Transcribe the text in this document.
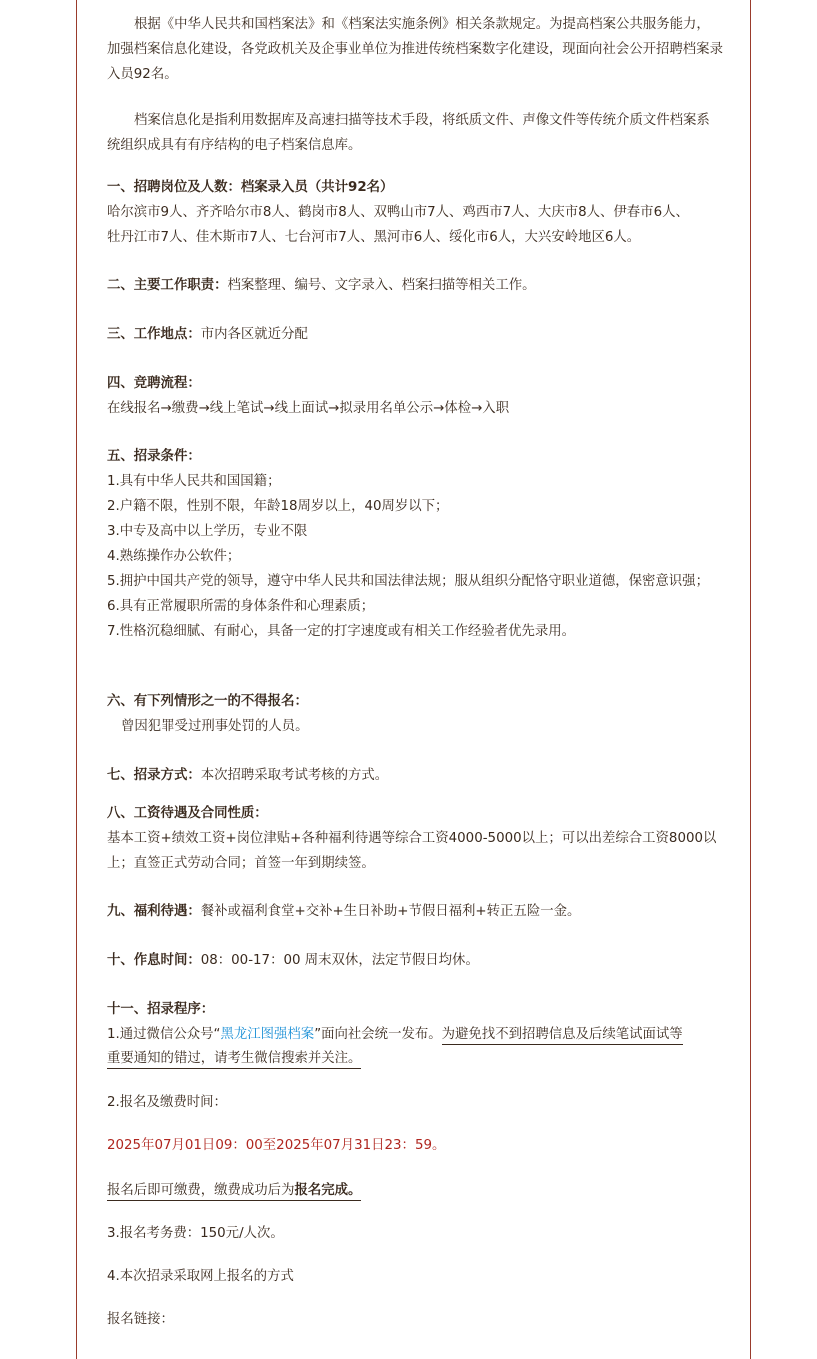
根据《中华人民共和国档案法》和《档案法实施条例》相关条款规定。为提高档案公共服务能力，加强档案信息化建设，各党政机关及企事业单位为推进传统档案数字化建设，现面向社会公开招聘档案录入员92名。

档案信息化是指利用数据库及高速扫描等技术手段，将纸质文件、声像文件等传统介质文件档案系统组织成具有有序结构的电子档案信息库。

一、招聘岗位及人数：档案录入员（共计92名）

哈尔滨市9人、齐齐哈尔市8人、鹤岗市8人、双鸭山市7人、鸡西市7人、大庆市8人、伊春市6人、

牡丹江市7人、佳木斯市7人、七台河市7人、黑河市6人、绥化市6人，大兴安岭地区6人。

二、主要工作职责：档案整理、编号、文字录入、档案扫描等相关工作。

三、工作地点：市内各区就近分配

四、竞聘流程：

在线报名→缴费→线上笔试→线上面试→拟录用名单公示→体检→入职

五、招录条件：

1.具有中华人民共和国国籍；

2.户籍不限，性别不限，年龄18周岁以上，40周岁以下；

3.中专及高中以上学历，专业不限

4.熟练操作办公软件；

5.拥护中国共产党的领导，遵守中华人民共和国法律法规；服从组织分配恪守职业道德，保密意识强；

6.具有正常履职所需的身体条件和心理素质；

7.性格沉稳细腻、有耐心，具备一定的打字速度或有相关工作经验者优先录用。

六、有下列情形之一的不得报名：

曾因犯罪受过刑事处罚的人员。

七、招录方式：本次招聘采取考试考核的方式。

八、工资待遇及合同性质：

基本工资+绩效工资+岗位津贴+各种福利待遇等综合工资4000-5000以上；可以出差综合工资8000以上；直签正式劳动合同；首签一年到期续签。

九、福利待遇：餐补或福利食堂+交补+生日补助+节假日福利+转正五险一金。

十、作息时间：08：00-17：00 周末双休，法定节假日均休。

十一、招录程序：

1.通过微信公众号“黑龙江图强档案”面向社会统一发布。为避免找不到招聘信息及后续笔试面试等

重要通知的错过，请考生微信搜索并关注。

2.报名及缴费时间：

2025年07月01日09：00至2025年07月31日23：59。

报名后即可缴费，缴费成功后为报名完成。

3.报名考务费：150元/人次。

4.本次招录采取网上报名的方式

报名链接：
